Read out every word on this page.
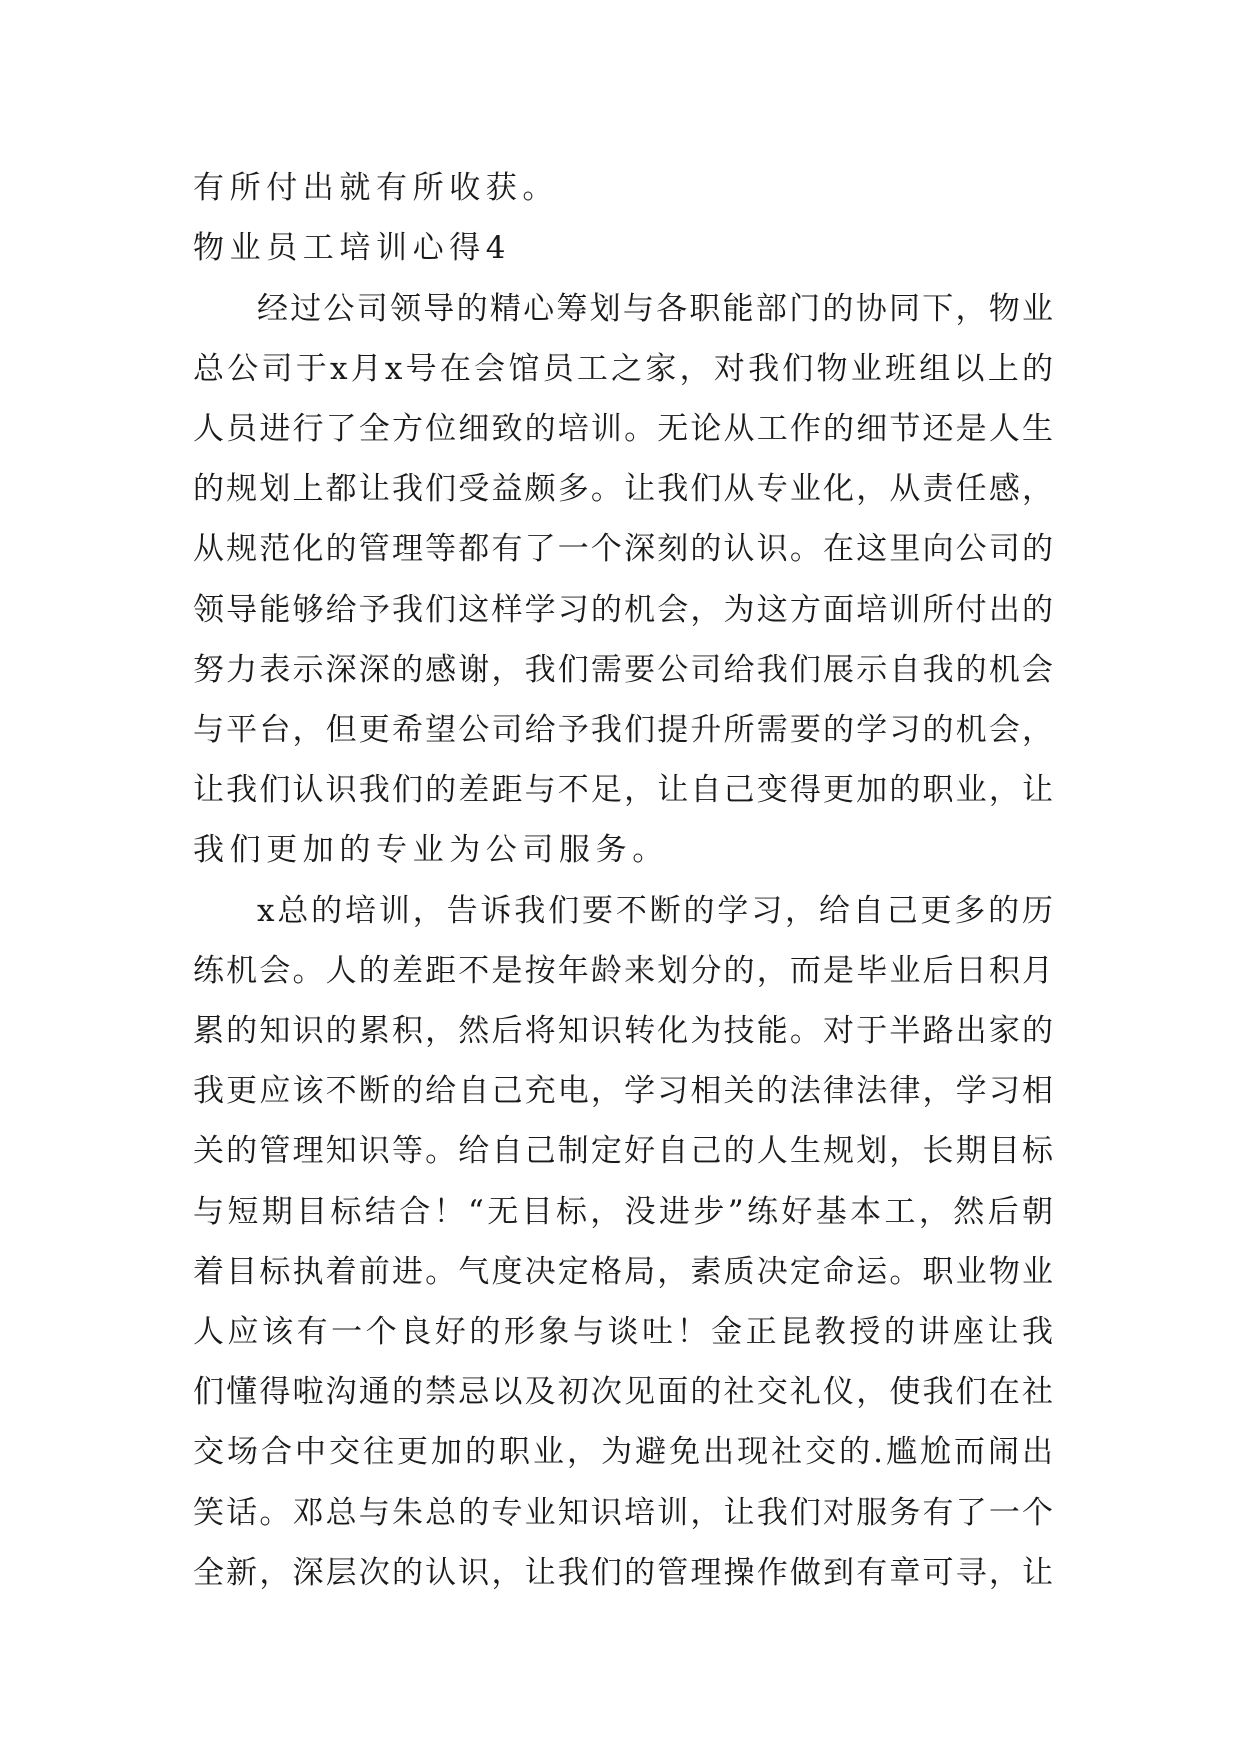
有所付出就有所收获。
物业员工培训心得4
经过公司领导的精心筹划与各职能部门的协同下，物业
总公司于x月x号在会馆员工之家，对我们物业班组以上的
人员进行了全方位细致的培训。无论从工作的细节还是人生
的规划上都让我们受益颇多。让我们从专业化，从责任感，
从规范化的管理等都有了一个深刻的认识。在这里向公司的
领导能够给予我们这样学习的机会，为这方面培训所付出的
努力表示深深的感谢，我们需要公司给我们展示自我的机会
与平台，但更希望公司给予我们提升所需要的学习的机会，
让我们认识我们的差距与不足，让自己变得更加的职业，让
我们更加的专业为公司服务。
x总的培训，告诉我们要不断的学习，给自己更多的历
练机会。人的差距不是按年龄来划分的，而是毕业后日积月
累的知识的累积，然后将知识转化为技能。对于半路出家的
我更应该不断的给自己充电，学习相关的法律法律，学习相
关的管理知识等。给自己制定好自己的人生规划，长期目标
与短期目标结合！“无目标，没进步”练好基本工，然后朝
着目标执着前进。气度决定格局，素质决定命运。职业物业
人应该有一个良好的形象与谈吐！金正昆教授的讲座让我
们懂得啦沟通的禁忌以及初次见面的社交礼仪，使我们在社
交场合中交往更加的职业，为避免出现社交的.尴尬而闹出
笑话。邓总与朱总的专业知识培训，让我们对服务有了一个
全新，深层次的认识，让我们的管理操作做到有章可寻，让
